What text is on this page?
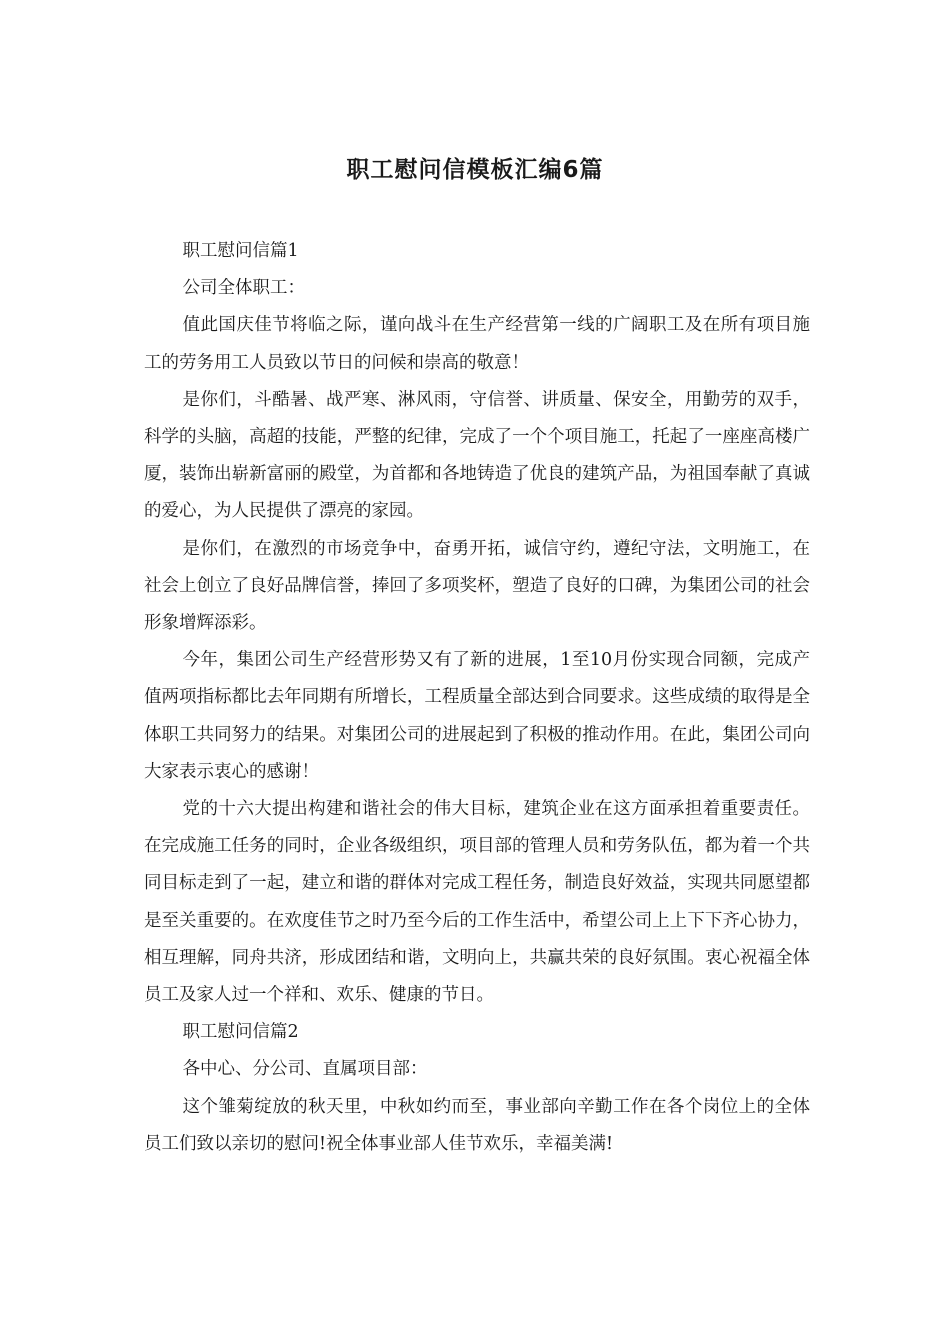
职工慰问信模板汇编6篇

职工慰问信篇1

公司全体职工：

值此国庆佳节将临之际，谨向战斗在生产经营第一线的广阔职工及在所有项目施工的劳务用工人员致以节日的问候和崇高的敬意！

是你们，斗酷暑、战严寒、淋风雨，守信誉、讲质量、保安全，用勤劳的双手，科学的头脑，高超的技能，严整的纪律，完成了一个个项目施工，托起了一座座高楼广厦，装饰出崭新富丽的殿堂，为首都和各地铸造了优良的建筑产品，为祖国奉献了真诚的爱心，为人民提供了漂亮的家园。

是你们，在激烈的市场竞争中，奋勇开拓，诚信守约，遵纪守法，文明施工，在社会上创立了良好品牌信誉，捧回了多项奖杯，塑造了良好的口碑，为集团公司的社会形象增辉添彩。

今年，集团公司生产经营形势又有了新的进展，1至10月份实现合同额，完成产值两项指标都比去年同期有所增长，工程质量全部达到合同要求。这些成绩的取得是全体职工共同努力的结果。对集团公司的进展起到了积极的推动作用。在此，集团公司向大家表示衷心的感谢！

党的十六大提出构建和谐社会的伟大目标，建筑企业在这方面承担着重要责任。在完成施工任务的同时，企业各级组织，项目部的管理人员和劳务队伍，都为着一个共同目标走到了一起，建立和谐的群体对完成工程任务，制造良好效益，实现共同愿望都是至关重要的。在欢度佳节之时乃至今后的工作生活中，希望公司上上下下齐心协力，相互理解，同舟共济，形成团结和谐，文明向上，共赢共荣的良好氛围。衷心祝福全体员工及家人过一个祥和、欢乐、健康的节日。

职工慰问信篇2

各中心、分公司、直属项目部：

这个雏菊绽放的秋天里，中秋如约而至，事业部向辛勤工作在各个岗位上的全体员工们致以亲切的慰问!祝全体事业部人佳节欢乐，幸福美满!
